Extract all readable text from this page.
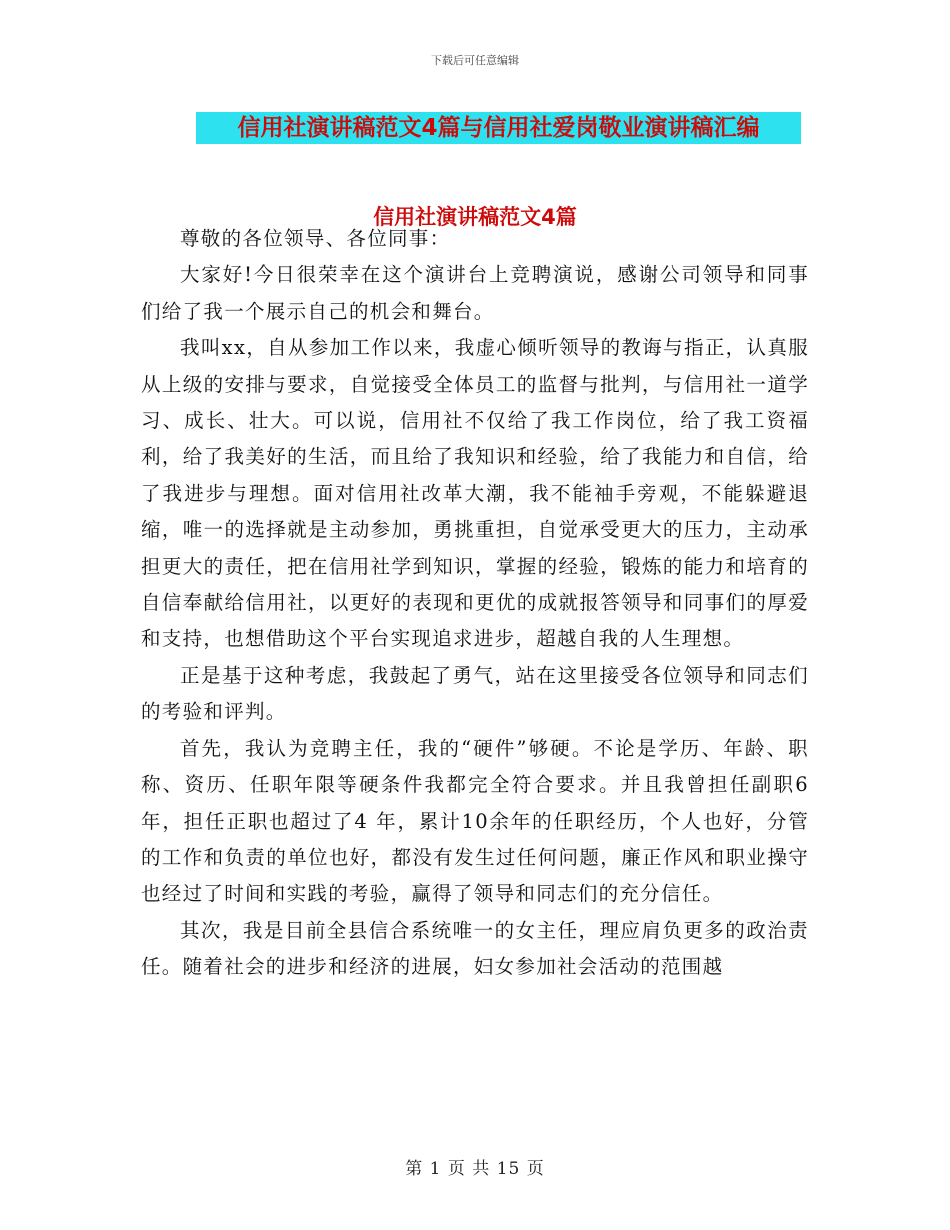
下载后可任意编辑
信用社演讲稿范文4篇与信用社爱岗敬业演讲稿汇编
信用社演讲稿范文4篇

尊敬的各位领导、各位同事：

大家好!今日很荣幸在这个演讲台上竞聘演说，感谢公司领导和同事们给了我一个展示自己的机会和舞台。

我叫xx，自从参加工作以来，我虚心倾听领导的教诲与指正，认真服从上级的安排与要求，自觉接受全体员工的监督与批判，与信用社一道学习、成长、壮大。可以说，信用社不仅给了我工作岗位，给了我工资福利，给了我美好的生活，而且给了我知识和经验，给了我能力和自信，给了我进步与理想。面对信用社改革大潮，我不能袖手旁观，不能躲避退缩，唯一的选择就是主动参加，勇挑重担，自觉承受更大的压力，主动承担更大的责任，把在信用社学到知识，掌握的经验，锻炼的能力和培育的自信奉献给信用社，以更好的表现和更优的成就报答领导和同事们的厚爱和支持，也想借助这个平台实现追求进步，超越自我的人生理想。

正是基于这种考虑，我鼓起了勇气，站在这里接受各位领导和同志们的考验和评判。

首先，我认为竞聘主任，我的“硬件”够硬。不论是学历、年龄、职称、资历、任职年限等硬条件我都完全符合要求。并且我曾担任副职6年，担任正职也超过了4 年，累计10余年的任职经历，个人也好，分管的工作和负责的单位也好，都没有发生过任何问题，廉正作风和职业操守也经过了时间和实践的考验，赢得了领导和同志们的充分信任。

其次，我是目前全县信合系统唯一的女主任，理应肩负更多的政治责任。随着社会的进步和经济的进展，妇女参加社会活动的范围越

第 1 页 共 15 页
